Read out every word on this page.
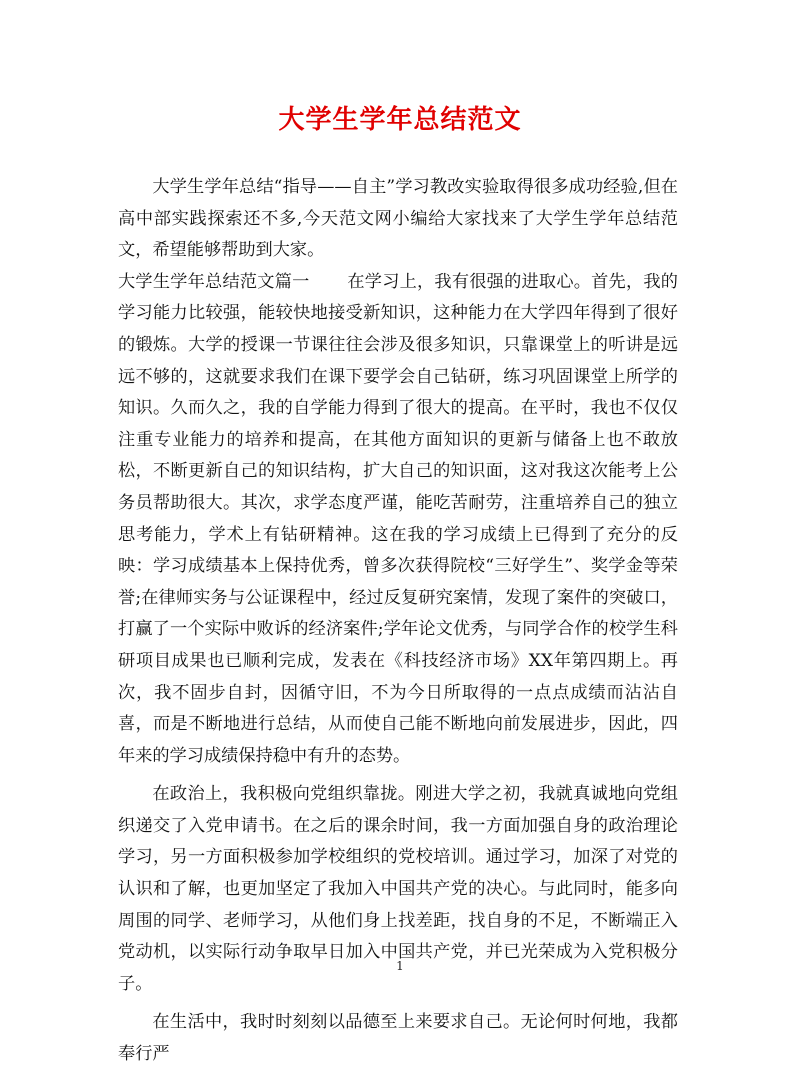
大学生学年总结范文

大学生学年总结“指导——自主”学习教改实验取得很多成功经验,但在高中部实践探索还不多,今天范文网小编给大家找来了大学生学年总结范文，希望能够帮助到大家。

大学生学年总结范文篇一 在学习上，我有很强的进取心。首先，我的学习能力比较强，能较快地接受新知识，这种能力在大学四年得到了很好的锻炼。大学的授课一节课往往会涉及很多知识，只靠课堂上的听讲是远远不够的，这就要求我们在课下要学会自己钻研，练习巩固课堂上所学的知识。久而久之，我的自学能力得到了很大的提高。在平时，我也不仅仅注重专业能力的培养和提高，在其他方面知识的更新与储备上也不敢放松，不断更新自己的知识结构，扩大自己的知识面，这对我这次能考上公务员帮助很大。其次，求学态度严谨，能吃苦耐劳，注重培养自己的独立思考能力，学术上有钻研精神。这在我的学习成绩上已得到了充分的反映：学习成绩基本上保持优秀，曾多次获得院校“三好学生”、奖学金等荣誉;在律师实务与公证课程中，经过反复研究案情，发现了案件的突破口，打赢了一个实际中败诉的经济案件;学年论文优秀，与同学合作的校学生科研项目成果也已顺利完成，发表在《科技经济市场》XX年第四期上。再次，我不固步自封，因循守旧，不为今日所取得的一点点成绩而沾沾自喜，而是不断地进行总结，从而使自己能不断地向前发展进步，因此，四年来的学习成绩保持稳中有升的态势。

在政治上，我积极向党组织靠拢。刚进大学之初，我就真诚地向党组织递交了入党申请书。在之后的课余时间，我一方面加强自身的政治理论学习，另一方面积极参加学校组织的党校培训。通过学习，加深了对党的认识和了解，也更加坚定了我加入中国共产党的决心。与此同时，能多向周围的同学、老师学习，从他们身上找差距，找自身的不足，不断端正入党动机，以实际行动争取早日加入中国共产党，并已光荣成为入党积极分子。

在生活中，我时时刻刻以品德至上来要求自己。无论何时何地，我都奉行严

1
